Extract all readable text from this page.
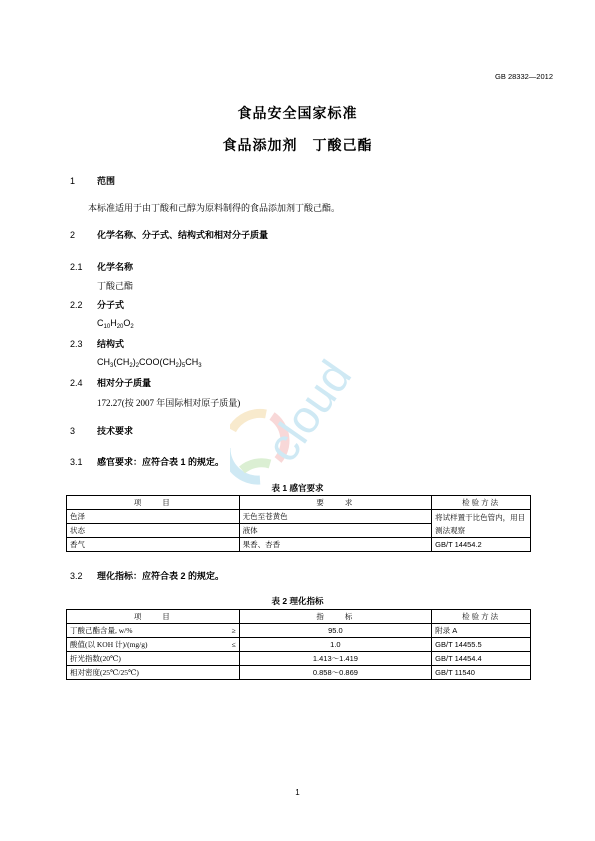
GB 28332—2012
食品安全国家标准
食品添加剂　丁酸己酯
1 范围
本标准适用于由丁酸和己醇为原料制得的食品添加剂丁酸己酯。
2 化学名称、分子式、结构式和相对分子质量
2.1 化学名称
丁酸己酯
2.2 分子式
$C_{10}H_{20}O_2$
2.3 结构式
$CH_3(CH_2)_2COO(CH_2)_5CH_3$
2.4 相对分子质量
172.27(按 2007 年国际相对原子质量)
3 技术要求
3.1 感官要求：应符合表 1 的规定。
表 1 感官要求
项　　目	要　　求	检验方法
色泽	无色至苍黄色	将试样置于比色管内，用目测法观察
状态	液体	
香气	果香、杏香	GB/T 14454.2
3.2 理化指标：应符合表 2 的规定。
表 2 理化指标
项　　目	指　　标	检验方法
丁酸己酯含量, w/% ≥	95.0	附录 A
酸值(以 KOH 计)/(mg/g) ≤	1.0	GB/T 14455.5
折光指数(20℃)	1.413～1.419	GB/T 14454.4
相对密度(25℃/25℃)	0.858～0.869	GB/T 11540
cloud
1
